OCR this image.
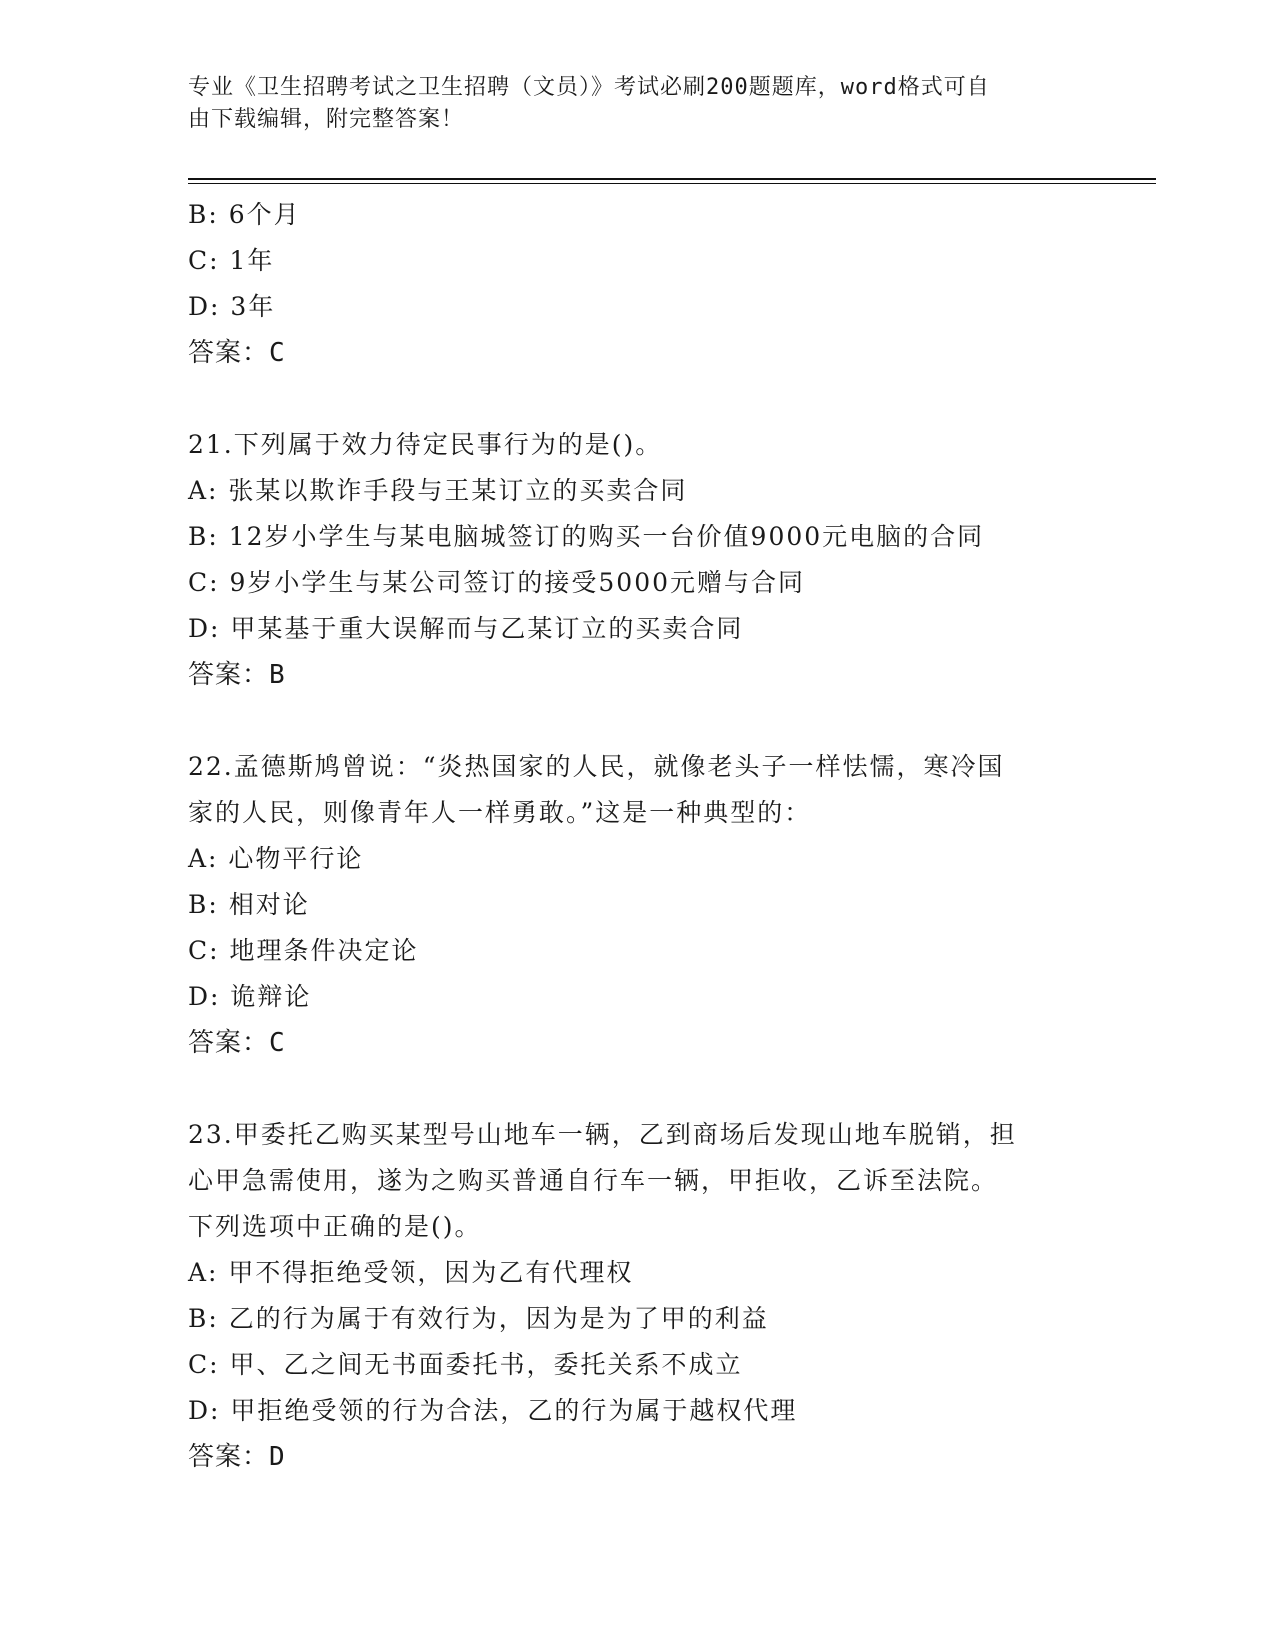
专业《卫生招聘考试之卫生招聘（文员）》考试必刷200题题库，word格式可自
由下载编辑，附完整答案！
B: 6个月
C: 1年
D: 3年
答案：C
21.下列属于效力待定民事行为的是()。
A: 张某以欺诈手段与王某订立的买卖合同
B: 12岁小学生与某电脑城签订的购买一台价值9000元电脑的合同
C: 9岁小学生与某公司签订的接受5000元赠与合同
D: 甲某基于重大误解而与乙某订立的买卖合同
答案：B
22.孟德斯鸠曾说：“炎热国家的人民，就像老头子一样怯懦，寒冷国
家的人民，则像青年人一样勇敢。”这是一种典型的：
A: 心物平行论
B: 相对论
C: 地理条件决定论
D: 诡辩论
答案：C
23.甲委托乙购买某型号山地车一辆，乙到商场后发现山地车脱销，担
心甲急需使用，遂为之购买普通自行车一辆，甲拒收，乙诉至法院。
下列选项中正确的是()。
A: 甲不得拒绝受领，因为乙有代理权
B: 乙的行为属于有效行为，因为是为了甲的利益
C: 甲、乙之间无书面委托书，委托关系不成立
D: 甲拒绝受领的行为合法，乙的行为属于越权代理
答案：D
